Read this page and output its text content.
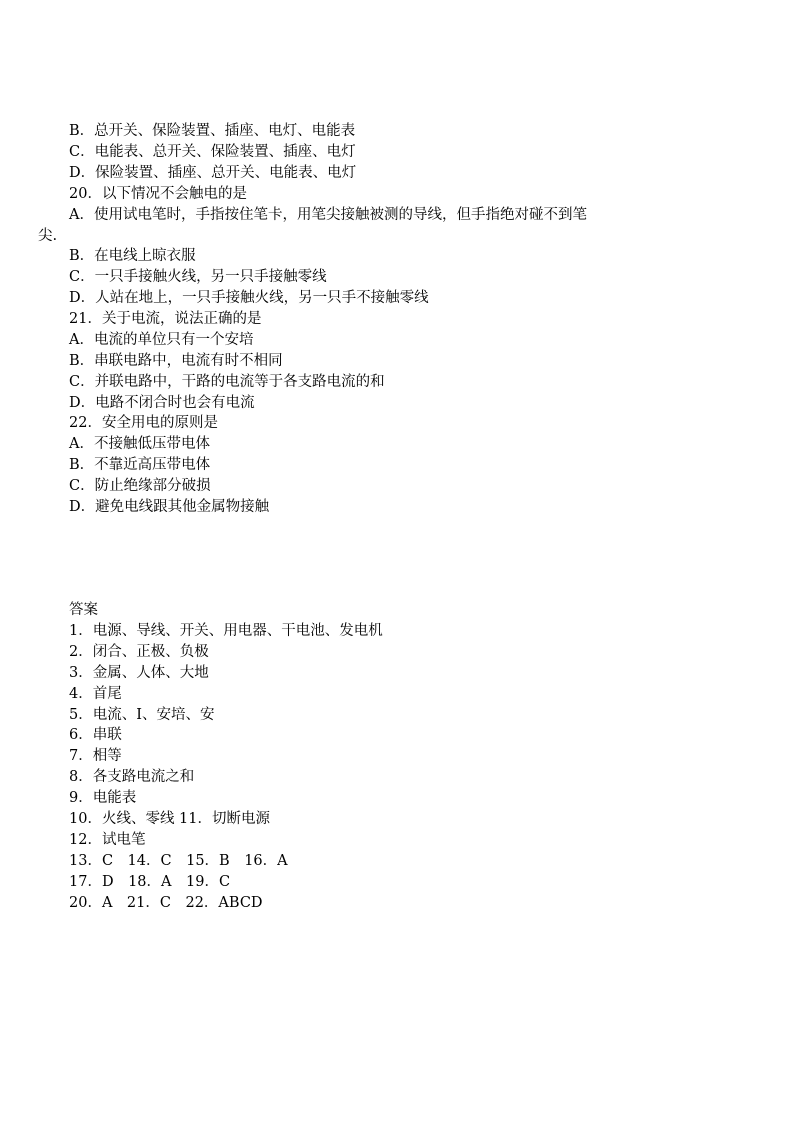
B．总开关、保险装置、插座、电灯、电能表
C．电能表、总开关、保险装置、插座、电灯
D．保险装置、插座、总开关、电能表、电灯
20．以下情况不会触电的是
A．使用试电笔时，手指按住笔卡，用笔尖接触被测的导线，但手指绝对碰不到笔
尖.
B．在电线上晾衣服
C．一只手接触火线，另一只手接触零线
D．人站在地上，一只手接触火线，另一只手不接触零线
21．关于电流，说法正确的是
A．电流的单位只有一个安培
B．串联电路中，电流有时不相同
C．并联电路中，干路的电流等于各支路电流的和
D．电路不闭合时也会有电流
22．安全用电的原则是
A．不接触低压带电体
B．不靠近高压带电体
C．防止绝缘部分破损
D．避免电线跟其他金属物接触
答案
1．电源、导线、开关、用电器、干电池、发电机
2．闭合、正极、负极
3．金属、人体、大地
4．首尾
5．电流、I、安培、安
6．串联
7．相等
8．各支路电流之和
9．电能表
10．火线、零线 11．切断电源
12．试电笔
13．C　14．C　15．B　16．A
17．D　18．A　19．C
20．A　21．C　22．ABCD
